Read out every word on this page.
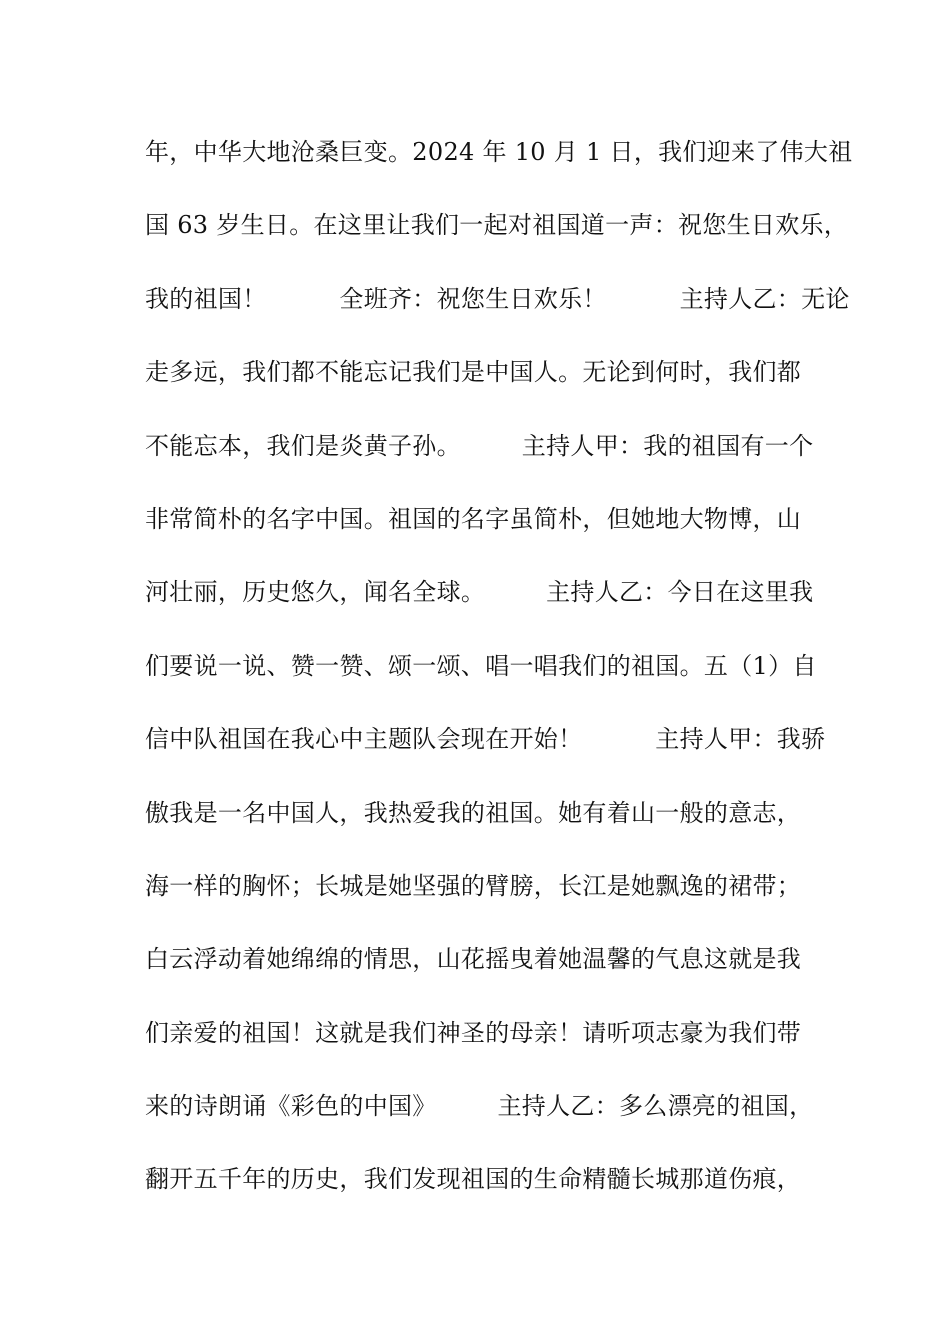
年，中华大地沧桑巨变。2024 年 10 月 1 日，我们迎来了伟大祖
国 63 岁生日。在这里让我们一起对祖国道一声：祝您生日欢乐，
我的祖国！　　　全班齐：祝您生日欢乐！　　　主持人乙：无论
走多远，我们都不能忘记我们是中国人。无论到何时，我们都
不能忘本，我们是炎黄子孙。　　　主持人甲：我的祖国有一个
非常简朴的名字中国。祖国的名字虽简朴，但她地大物博，山
河壮丽，历史悠久，闻名全球。　　　主持人乙：今日在这里我
们要说一说、赞一赞、颂一颂、唱一唱我们的祖国。五（1）自
信中队祖国在我心中主题队会现在开始！　　　主持人甲：我骄
傲我是一名中国人，我热爱我的祖国。她有着山一般的意志，
海一样的胸怀；长城是她坚强的臂膀，长江是她飘逸的裙带；
白云浮动着她绵绵的情思，山花摇曳着她温馨的气息这就是我
们亲爱的祖国！这就是我们神圣的母亲！请听项志豪为我们带
来的诗朗诵《彩色的中国》　　　主持人乙：多么漂亮的祖国，
翻开五千年的历史，我们发现祖国的生命精髓长城那道伤痕，
